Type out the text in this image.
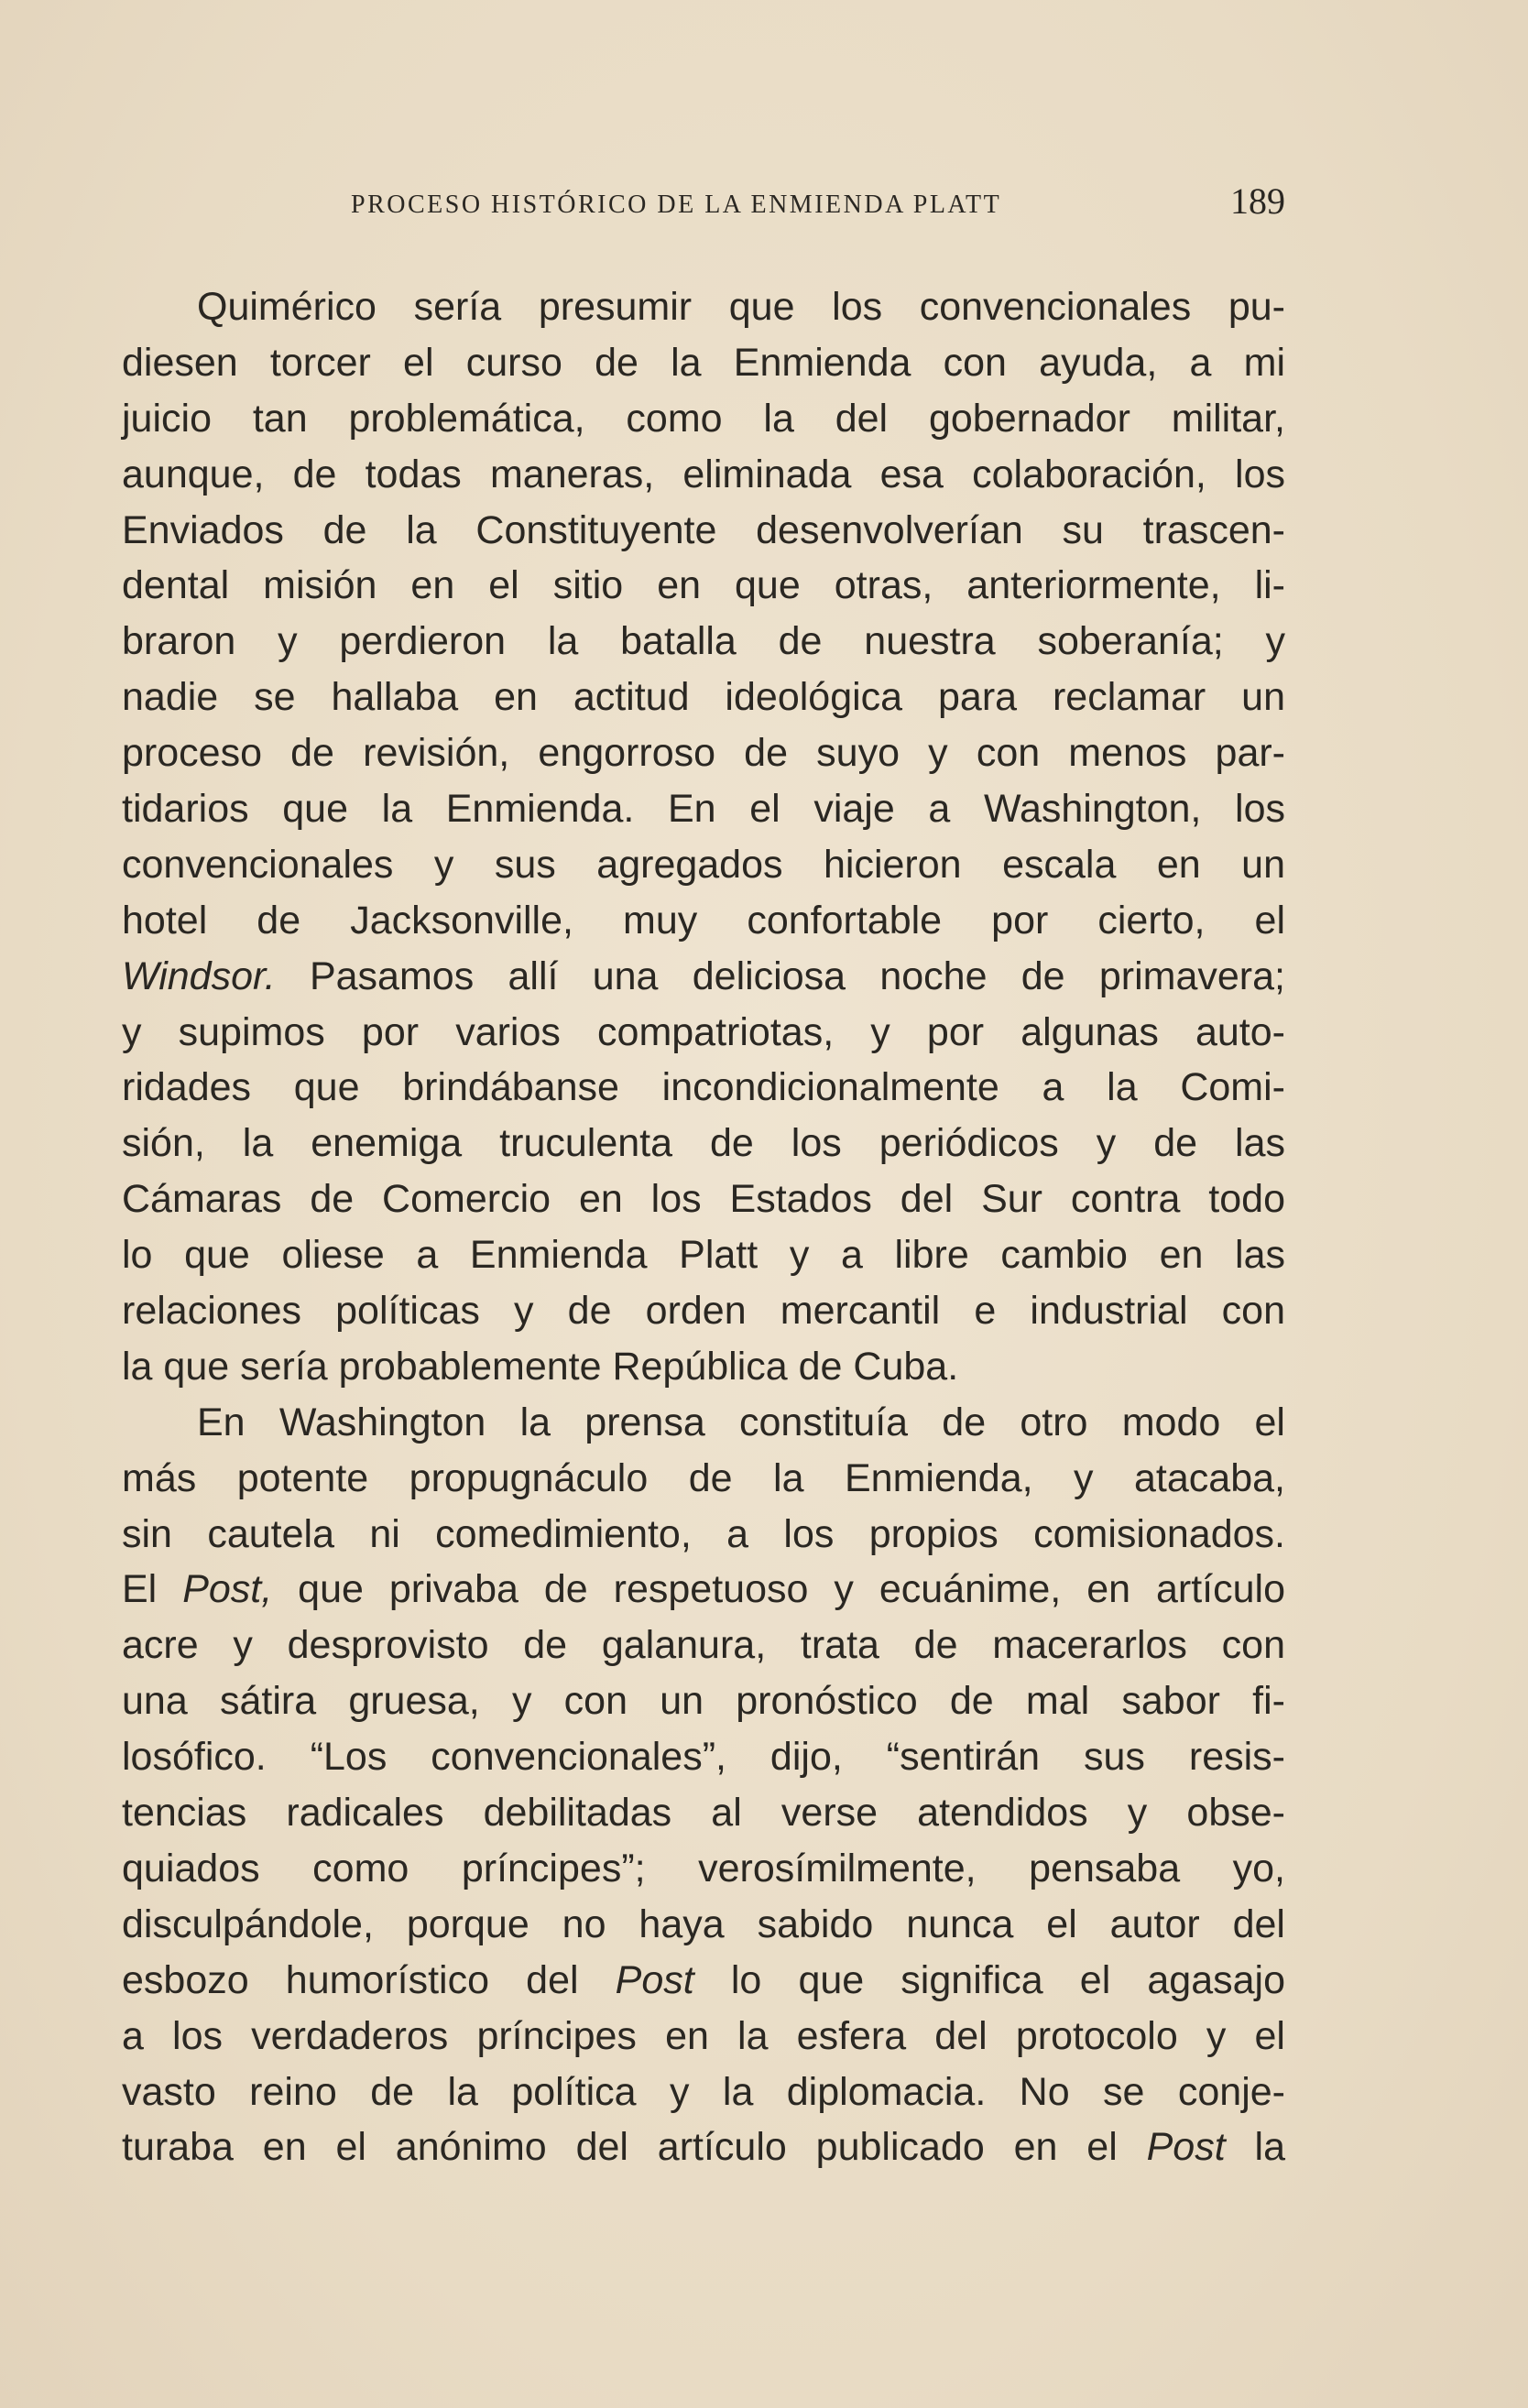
PROCESO HISTÓRICO DE LA ENMIENDA PLATT	189
Quimérico sería presumir que los convencionales pu-
diesen torcer el curso de la Enmienda con ayuda, a mi
juicio tan problemática, como la del gobernador militar,
aunque, de todas maneras, eliminada esa colaboración, los
Enviados de la Constituyente desenvolverían su trascen-
dental misión en el sitio en que otras, anteriormente, li-
braron y perdieron la batalla de nuestra soberanía; y
nadie se hallaba en actitud ideológica para reclamar un
proceso de revisión, engorroso de suyo y con menos par-
tidarios que la Enmienda. En el viaje a Washington, los
convencionales y sus agregados hicieron escala en un
hotel de Jacksonville, muy confortable por cierto, el
Windsor. Pasamos allí una deliciosa noche de primavera;
y supimos por varios compatriotas, y por algunas auto-
ridades que brindábanse incondicionalmente a la Comi-
sión, la enemiga truculenta de los periódicos y de las
Cámaras de Comercio en los Estados del Sur contra todo
lo que oliese a Enmienda Platt y a libre cambio en las
relaciones políticas y de orden mercantil e industrial con
la que sería probablemente República de Cuba.
En Washington la prensa constituía de otro modo el
más potente propugnáculo de la Enmienda, y atacaba,
sin cautela ni comedimiento, a los propios comisionados.
El Post, que privaba de respetuoso y ecuánime, en artículo
acre y desprovisto de galanura, trata de macerarlos con
una sátira gruesa, y con un pronóstico de mal sabor fi-
losófico. “Los convencionales”, dijo, “sentirán sus resis-
tencias radicales debilitadas al verse atendidos y obse-
quiados como príncipes”; verosímilmente, pensaba yo,
disculpándole, porque no haya sabido nunca el autor del
esbozo humorístico del Post lo que significa el agasajo
a los verdaderos príncipes en la esfera del protocolo y el
vasto reino de la política y la diplomacia. No se conje-
turaba en el anónimo del artículo publicado en el Post la
